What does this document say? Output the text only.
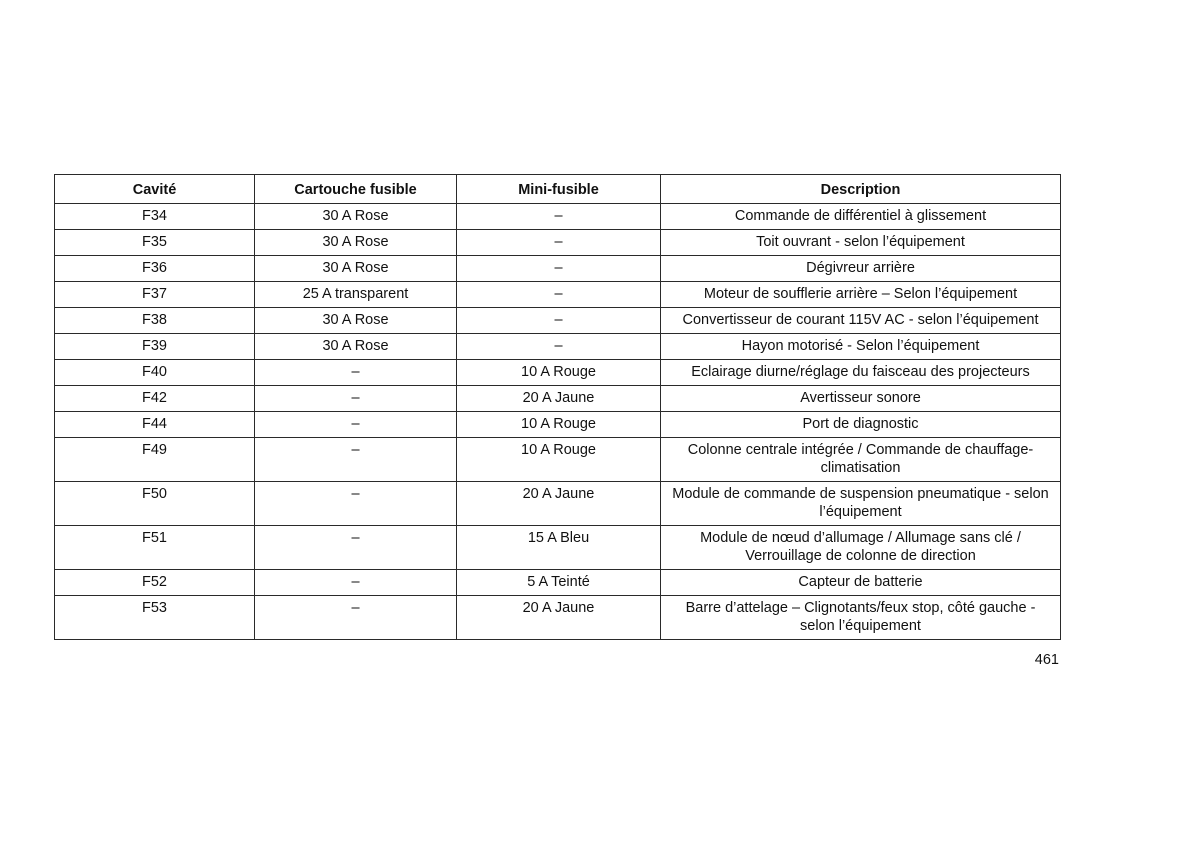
Cavité	Cartouche fusible	Mini-fusible	Description
F34	30 A Rose	–	Commande de différentiel à glissement
F35	30 A Rose	–	Toit ouvrant - selon l’équipement
F36	30 A Rose	–	Dégivreur arrière
F37	25 A transparent	–	Moteur de soufflerie arrière – Selon l’équipement
F38	30 A Rose	–	Convertisseur de courant 115V AC - selon l’équipement
F39	30 A Rose	–	Hayon motorisé - Selon l’équipement
F40	–	10 A Rouge	Eclairage diurne/réglage du faisceau des projecteurs
F42	–	20 A Jaune	Avertisseur sonore
F44	–	10 A Rouge	Port de diagnostic
F49	–	10 A Rouge	Colonne centrale intégrée / Commande de chauffage-climatisation
F50	–	20 A Jaune	Module de commande de suspension pneumatique - selon l’équipement
F51	–	15 A Bleu	Module de nœud d’allumage / Allumage sans clé / Verrouillage de colonne de direction
F52	–	5 A Teinté	Capteur de batterie
F53	–	20 A Jaune	Barre d’attelage – Clignotants/feux stop, côté gauche - selon l’équipement
461
